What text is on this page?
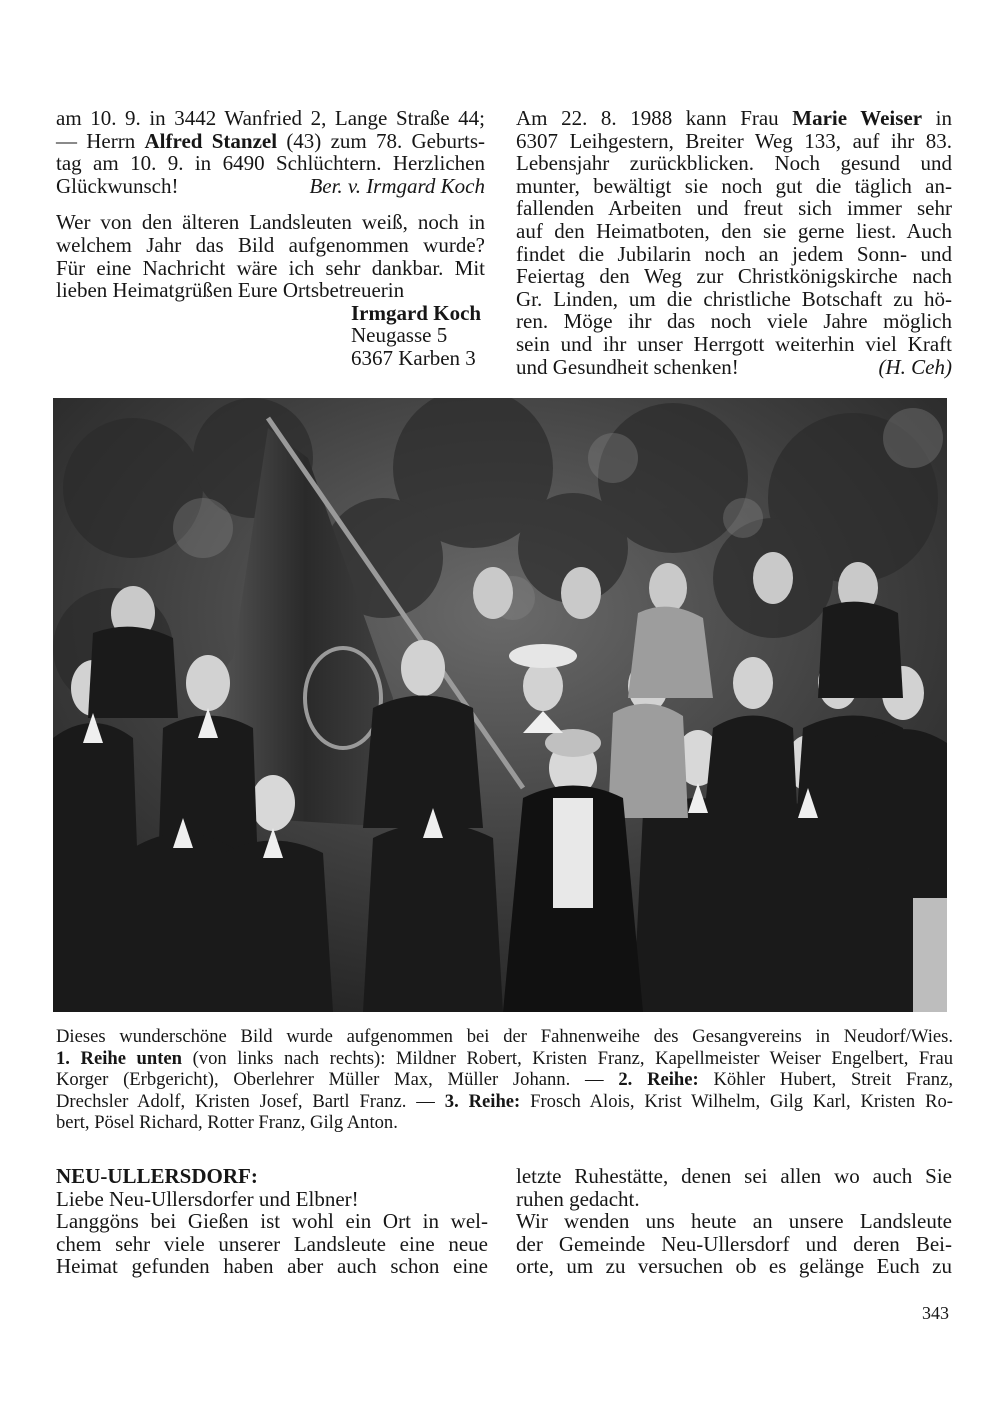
am 10. 9. in 3442 Wanfried 2, Lange Straße 44;
— Herrn Alfred Stanzel (43) zum 78. Geburts-
tag am 10. 9. in 6490 Schlüchtern. Herzlichen
Glückwunsch!	Ber. v. Irmgard Koch
Wer von den älteren Landsleuten weiß, noch in
welchem Jahr das Bild aufgenommen wurde?
Für eine Nachricht wäre ich sehr dankbar. Mit
lieben Heimatgrüßen Eure Ortsbetreuerin
Irmgard Koch
Neugasse 5
6367 Karben 3
Am 22. 8. 1988 kann Frau Marie Weiser in
6307 Leihgestern, Breiter Weg 133, auf ihr 83.
Lebensjahr zurückblicken. Noch gesund und
munter, bewältigt sie noch gut die täglich an-
fallenden Arbeiten und freut sich immer sehr
auf den Heimatboten, den sie gerne liest. Auch
findet die Jubilarin noch an jedem Sonn- und
Feiertag den Weg zur Christkönigskirche nach
Gr. Linden, um die christliche Botschaft zu hö-
ren. Möge ihr das noch viele Jahre möglich
sein und ihr unser Herrgott weiterhin viel Kraft
und Gesundheit schenken!	(H. Ceh)
Dieses wunderschöne Bild wurde aufgenommen bei der Fahnenweihe des Gesangvereins in Neudorf/Wies.
1. Reihe unten (von links nach rechts): Mildner Robert, Kristen Franz, Kapellmeister Weiser Engelbert, Frau
Korger (Erbgericht), Oberlehrer Müller Max, Müller Johann. — 2. Reihe: Köhler Hubert, Streit Franz,
Drechsler Adolf, Kristen Josef, Bartl Franz. — 3. Reihe: Frosch Alois, Krist Wilhelm, Gilg Karl, Kristen Ro-
bert, Pösel Richard, Rotter Franz, Gilg Anton.
NEU-ULLERSDORF:
Liebe Neu-Ullersdorfer und Elbner!
Langgöns bei Gießen ist wohl ein Ort in wel-
chem sehr viele unserer Landsleute eine neue
Heimat gefunden haben aber auch schon eine
letzte Ruhestätte, denen sei allen wo auch Sie
ruhen gedacht.
Wir wenden uns heute an unsere Landsleute
der Gemeinde Neu-Ullersdorf und deren Bei-
orte, um zu versuchen ob es gelänge Euch zu
343
